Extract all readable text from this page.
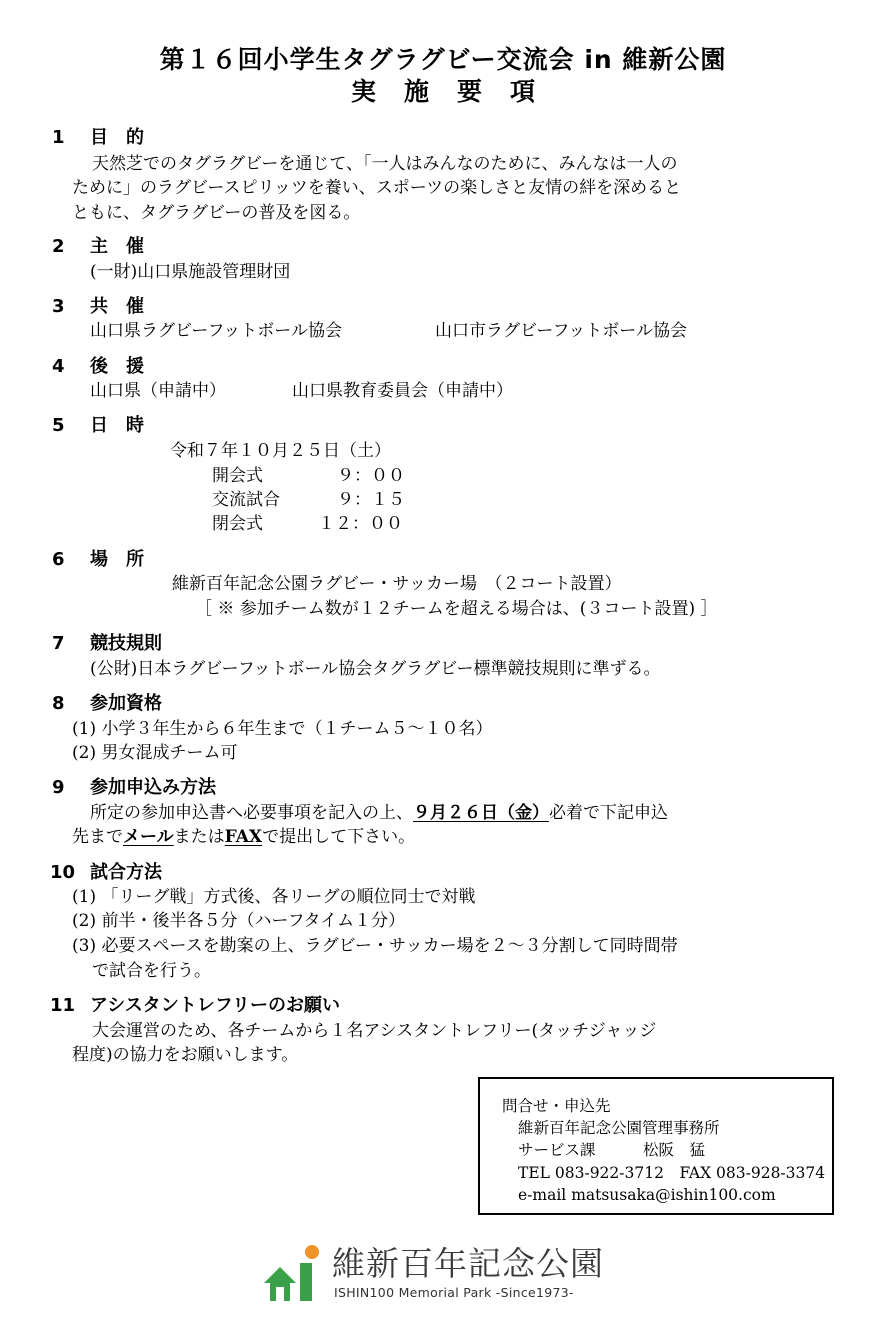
第１６回小学生タグラグビー交流会 in 維新公園
実施要項
1 目　的
天然芝でのタグラグビーを通じて、「一人はみんなのために、みんなは一人の
ために」のラグビースピリッツを養い、スポーツの楽しさと友情の絆を深めると
ともに、タグラグビーの普及を図る。
2 主　催
(一財)山口県施設管理財団
3 共　催
山口県ラグビーフットボール協会	山口市ラグビーフットボール協会
4 後　援
山口県（申請中）	山口県教育委員会（申請中）
5 日　時
令和７年１０月２５日（土）
開会式	９：００
交流試合	９：１５
閉会式	１２：００
6 場　所
維新百年記念公園ラグビー・サッカー場　（２コート設置）
［ ※ 参加チーム数が１２チームを超える場合は、(３コート設置) ］
7 競技規則
(公財)日本ラグビーフットボール協会タグラグビー標準競技規則に準ずる。
8 参加資格
(1) 小学３年生から６年生まで（１チーム５～１０名）
(2) 男女混成チーム可
9 参加申込み方法
所定の参加申込書へ必要事項を記入の上、９月２６日（金）必着で下記申込
先までメールまたはFAXで提出して下さい。
10 試合方法
(1) 「リーグ戦」方式後、各リーグの順位同士で対戦
(2) 前半・後半各５分（ハーフタイム１分）
(3) 必要スペースを勘案の上、ラグビー・サッカー場を２～３分割して同時間帯
で試合を行う。
11 アシスタントレフリーのお願い
大会運営のため、各チームから１名アシスタントレフリー(タッチジャッジ
程度)の協力をお願いします。
問合せ・申込先
維新百年記念公園管理事務所
サービス課	松阪　猛
TEL 083-922-3712　FAX 083-928-3374
e-mail matsusaka@ishin100.com
維新百年記念公園
ISHIN100 Memorial Park -Since1973-
